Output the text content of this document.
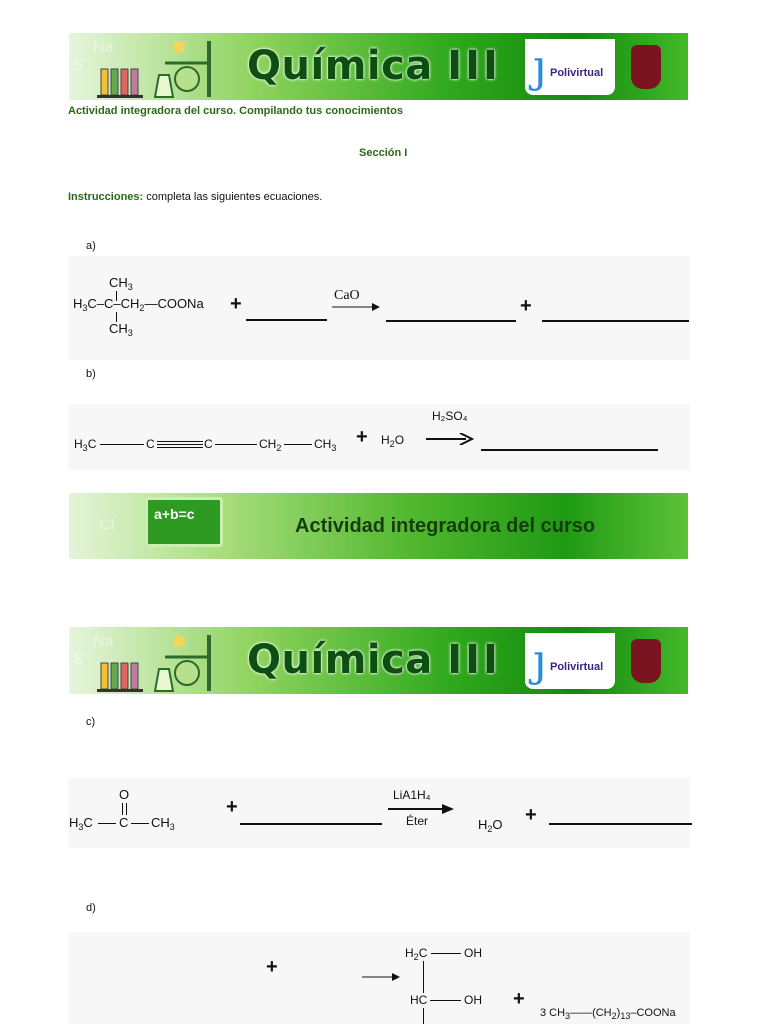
S
Na	Química III ȷ Polivirtual
Actividad integradora del curso. Compilando tus conocimientos
Sección I
Instrucciones: completa las siguientes ecuaciones.
a)
$CH_3$
$H_3C-C-CH_2—COONa$
$CH_3$
+	CaO	+
b)
$H_3C$	C	C	$CH_2$	$CH_3 + H_2O$
H₂SO₄
Cl
a+b=c
Actividad integradora del curso
S
Na	Química III ȷ Polivirtual
c)
O
$H_3C$ C $CH_3$
+
LiA1H₄
Éter	$H_2O$ +
d)
+
$H_2C$	OH
HC	OH +
3 $CH_3——(CH_2)_{13}$–COONa
